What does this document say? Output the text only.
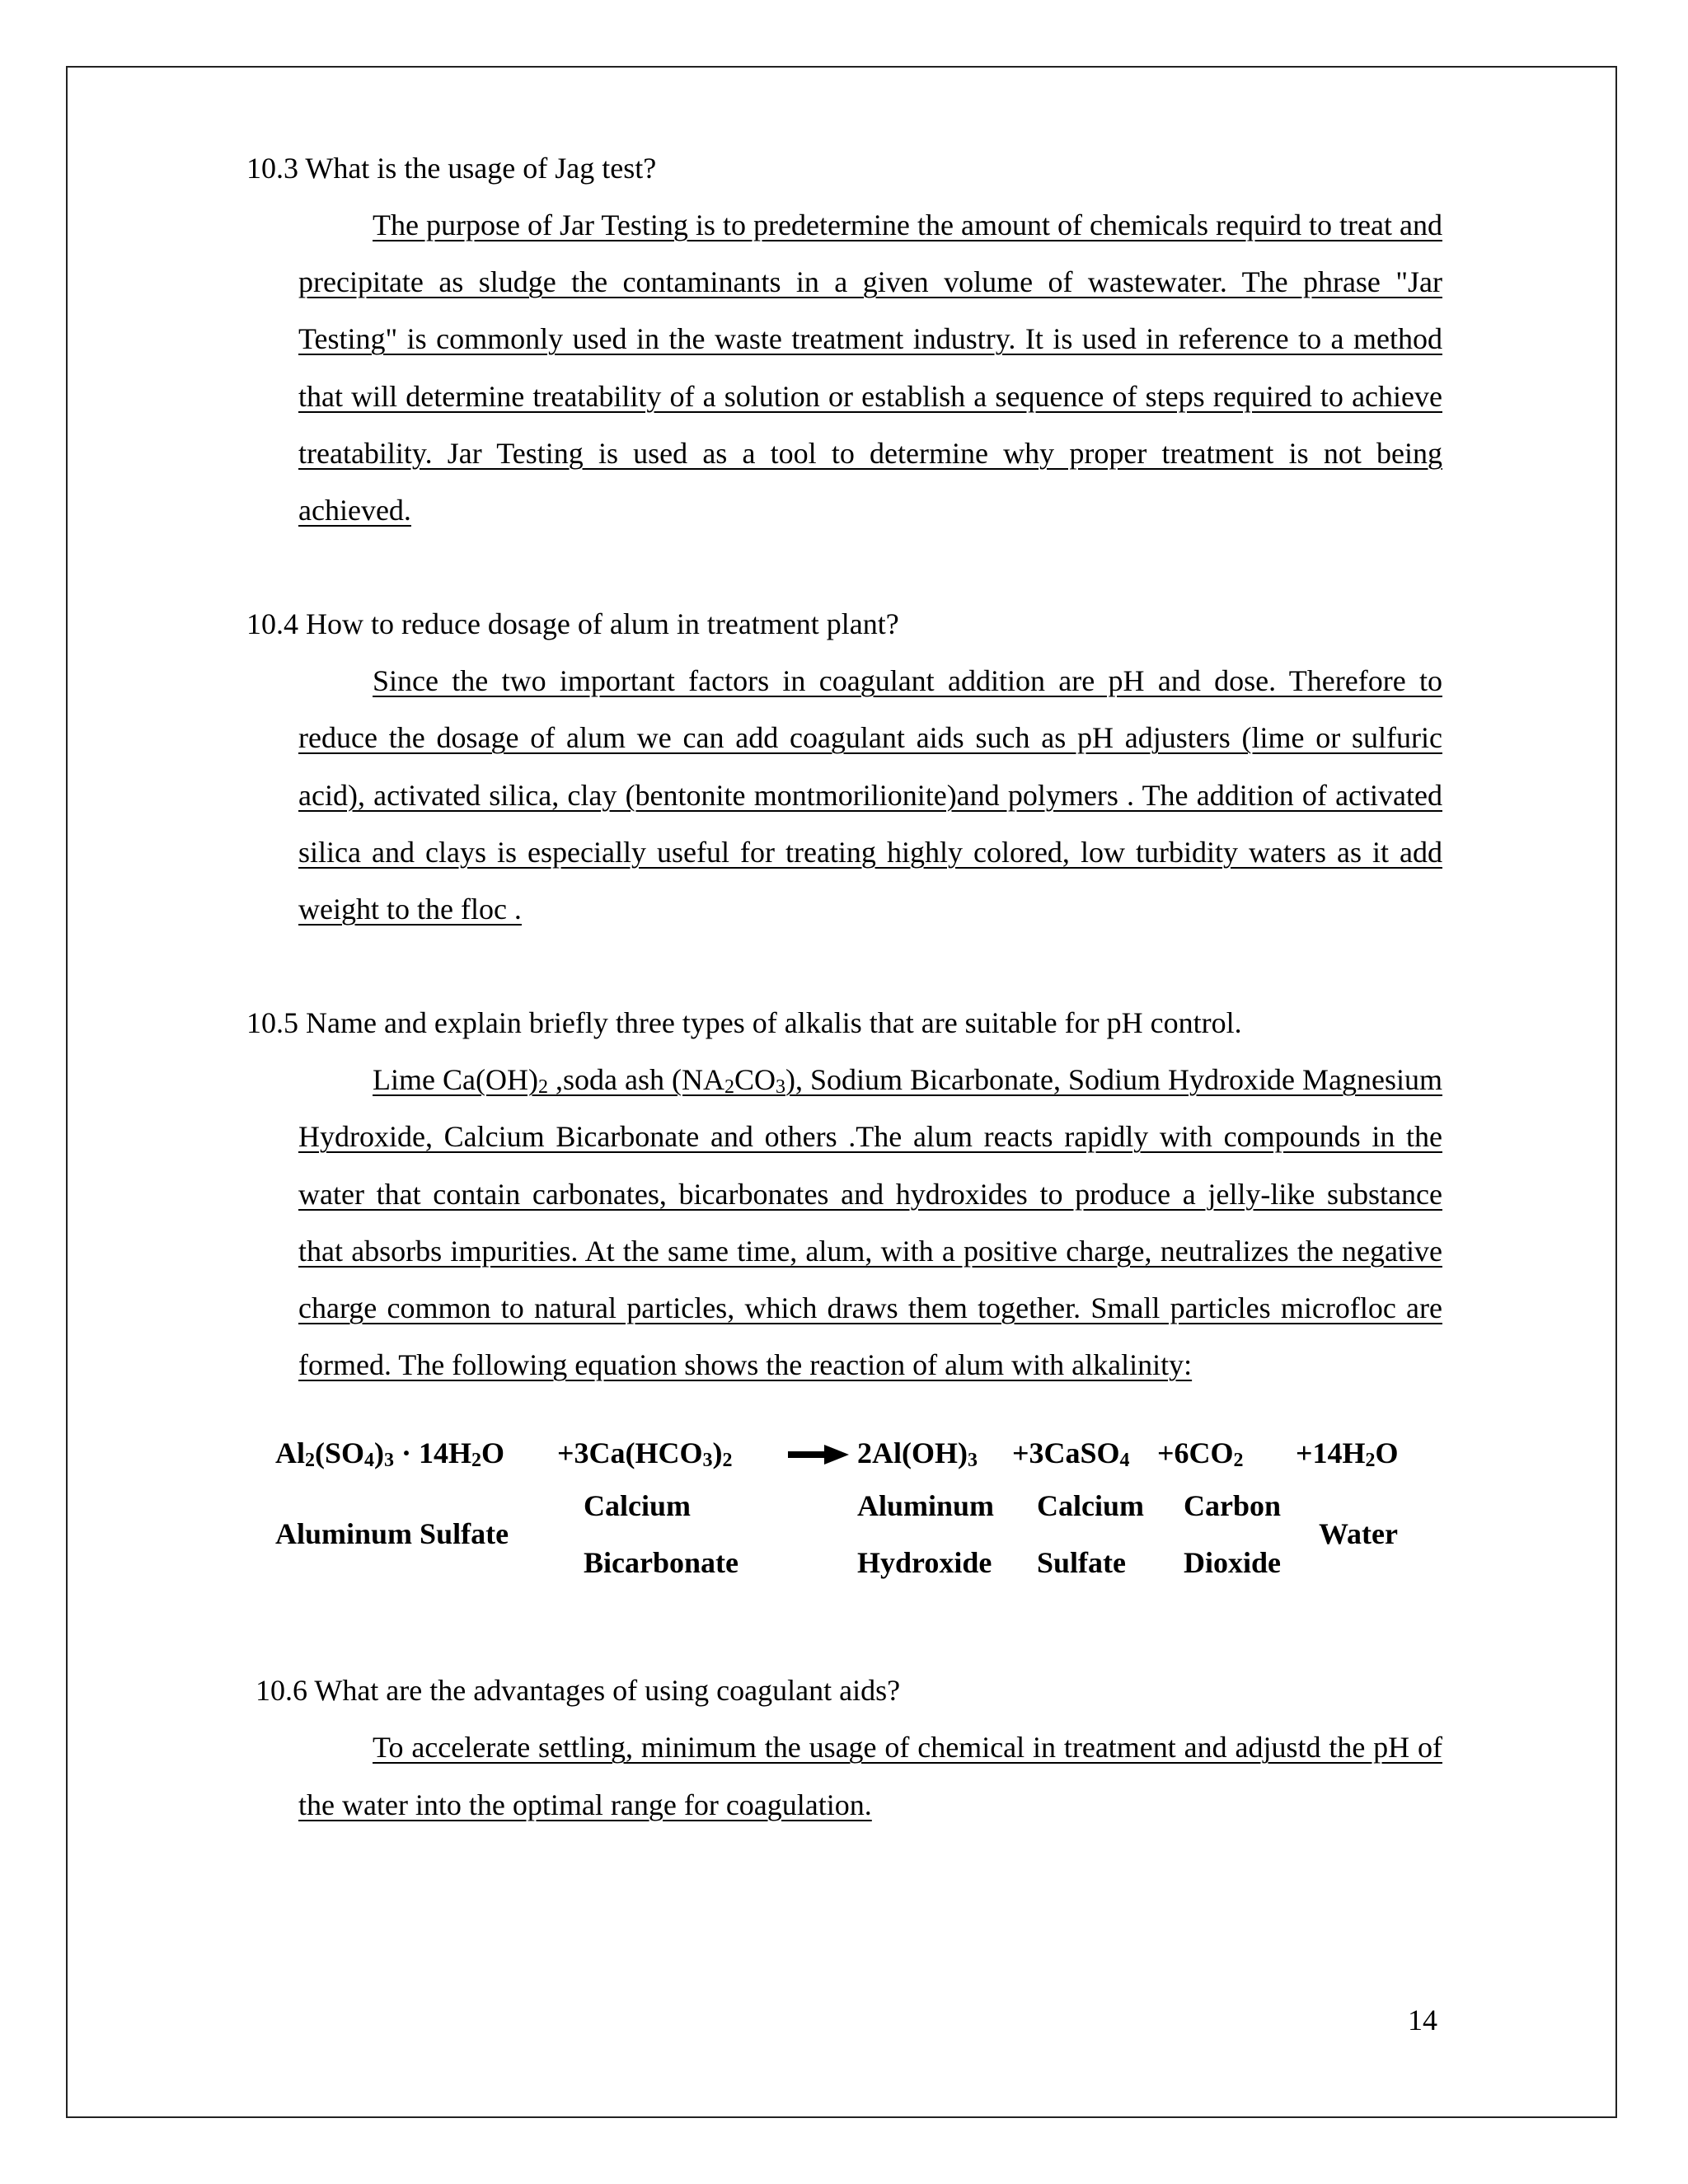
10.3 What is the usage of Jag test?
The purpose of Jar Testing is to predetermine the amount of chemicals requird to treat and precipitate as sludge the contaminants in a given volume of wastewater. The phrase "Jar Testing" is commonly used in the waste treatment industry. It is used in reference to a method that will determine treatability of a solution or establish a sequence of steps required to achieve treatability. Jar Testing is used as a tool to determine why proper treatment is not being achieved.
10.4 How to reduce dosage of alum in treatment plant?
Since the two important factors in coagulant addition are pH and dose. Therefore to reduce the dosage of alum we can add coagulant aids such as pH adjusters (lime or sulfuric acid), activated silica, clay (bentonite montmorilionite)and polymers . The addition of activated silica and clays is especially useful for treating highly colored, low turbidity waters as it add weight to the floc .
10.5 Name and explain briefly three types of alkalis that are suitable for pH control.
Lime $Ca(OH)_2$ ,soda ash $(NA_2CO_3)$, Sodium Bicarbonate, Sodium Hydroxide Magnesium Hydroxide, Calcium Bicarbonate and others .The alum reacts rapidly with compounds in the water that contain carbonates, bicarbonates and hydroxides to produce a jelly-like substance that absorbs impurities. At the same time, alum, with a positive charge, neutralizes the negative charge common to natural particles, which draws them together. Small particles microfloc are formed. The following equation shows the reaction of alum with alkalinity:
$Al_2(SO_4)_3 \cdot 14H_2O +3Ca(HCO_3)_2 \to 2Al(OH)_3$ +3CaSO$_4$ $+6CO_2 +14H_2O$
Aluminum Sulfate
Calcium
Bicarbonate
Aluminum
Hydroxide
Calcium
Sulfate
Carbon
Dioxide
Water
10.6 What are the advantages of using coagulant aids?
To accelerate settling, minimum the usage of chemical in treatment and adjustd the pH of the water into the optimal range for coagulation.
14
